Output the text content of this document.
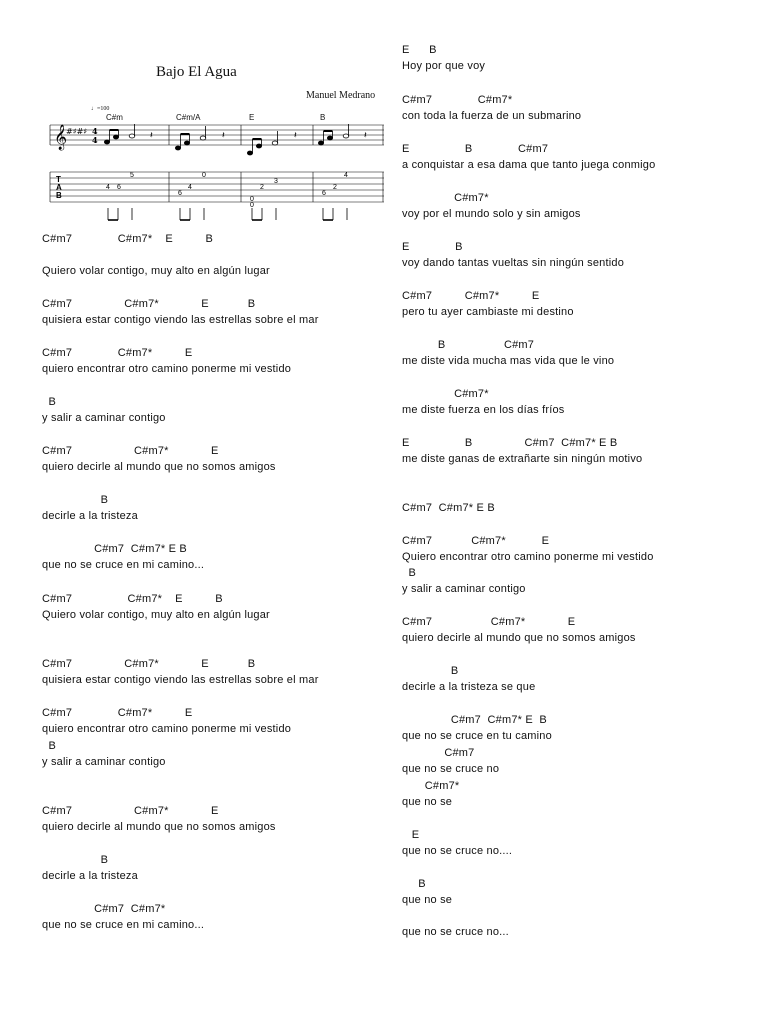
Bajo El Agua
Manuel Medrano
♩=100
C#m	C#m/A	E	B
𝄞
#♯#♯ 4
4	𝄽	𝄽	𝄽	𝄽
T
A
B
5	0
3
4
4 6
6
4	2
6
0
2
0
C#m7              C#m7*    E          B
Quiero volar contigo, muy alto en algún lugar
C#m7                C#m7*             E            B
quisiera estar contigo viendo las estrellas sobre el mar
C#m7              C#m7*          E
quiero encontrar otro camino ponerme mi vestido
B
y salir a caminar contigo
C#m7                   C#m7*             E
quiero decirle al mundo que no somos amigos
B
decirle a la tristeza
C#m7  C#m7* E B
que no se cruce en mi camino...
C#m7                 C#m7*    E          B
Quiero volar contigo, muy alto en algún lugar
C#m7                C#m7*             E            B
quisiera estar contigo viendo las estrellas sobre el mar
C#m7              C#m7*          E
quiero encontrar otro camino ponerme mi vestido
B
y salir a caminar contigo
C#m7                   C#m7*             E
quiero decirle al mundo que no somos amigos
B
decirle a la tristeza
C#m7  C#m7*
que no se cruce en mi camino...
E      B
Hoy por que voy
C#m7              C#m7*
con toda la fuerza de un submarino
E                 B              C#m7
a conquistar a esa dama que tanto juega conmigo
C#m7*
voy por el mundo solo y sin amigos
E              B
voy dando tantas vueltas sin ningún sentido
C#m7          C#m7*          E
pero tu ayer cambiaste mi destino
B                  C#m7
me diste vida mucha mas vida que le vino
C#m7*
me diste fuerza en los días fríos
E                 B                C#m7  C#m7* E B
me diste ganas de extrañarte sin ningún motivo
C#m7  C#m7* E B
C#m7            C#m7*           E
Quiero encontrar otro camino ponerme mi vestido
B
y salir a caminar contigo
C#m7                  C#m7*             E
quiero decirle al mundo que no somos amigos
B
decirle a la tristeza se que
C#m7  C#m7* E  B
que no se cruce en tu camino
C#m7
que no se cruce no
C#m7*
que no se
E
que no se cruce no....
B
que no se
que no se cruce no...
